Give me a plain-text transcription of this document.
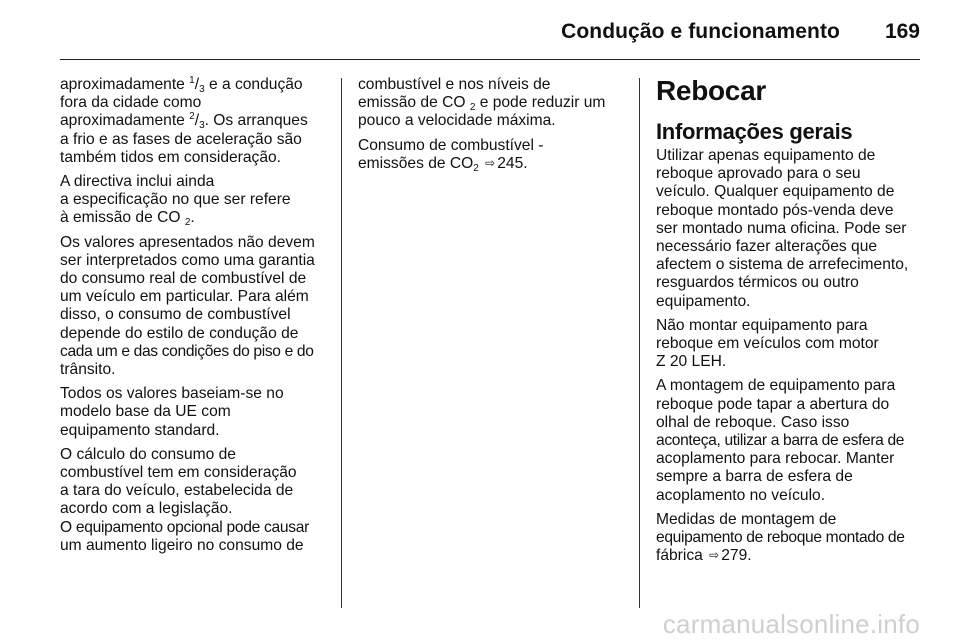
Condução e funcionamento 169
aproximadamente $^1/_3$ e a condução
fora da cidade como
aproximadamente $^2/_3$. Os arranques
a frio e as fases de aceleração são
também tidos em consideração.
A directiva inclui ainda
a especificação no que ser refere
à emissão de CO $_2$.
Os valores apresentados não devem
ser interpretados como uma garantia
do consumo real de combustível de
um veículo em particular. Para além
disso, o consumo de combustível
depende do estilo de condução de
cada um e das condições do piso e do
trânsito.
Todos os valores baseiam-se no
modelo base da UE com
equipamento standard.
O cálculo do consumo de
combustível tem em consideração
a tara do veículo, estabelecida de
acordo com a legislação.
O equipamento opcional pode causar
um aumento ligeiro no consumo de
combustível e nos níveis de
emissão de CO $_2$ e pode reduzir um
pouco a velocidade máxima.
Consumo de combustível -
emissões de $CO_2$ ⇨ 245.
Rebocar
Informações gerais
Utilizar apenas equipamento de
reboque aprovado para o seu
veículo. Qualquer equipamento de
reboque montado pós-venda deve
ser montado numa oficina. Pode ser
necessário fazer alterações que
afectem o sistema de arrefecimento,
resguardos térmicos ou outro
equipamento.
Não montar equipamento para
reboque em veículos com motor
Z 20 LEH.
A montagem de equipamento para
reboque pode tapar a abertura do
olhal de reboque. Caso isso
aconteça, utilizar a barra de esfera de
acoplamento para rebocar. Manter
sempre a barra de esfera de
acoplamento no veículo.
Medidas de montagem de
equipamento de reboque montado de
fábrica ⇨ 279.
carmanualsonline.info
